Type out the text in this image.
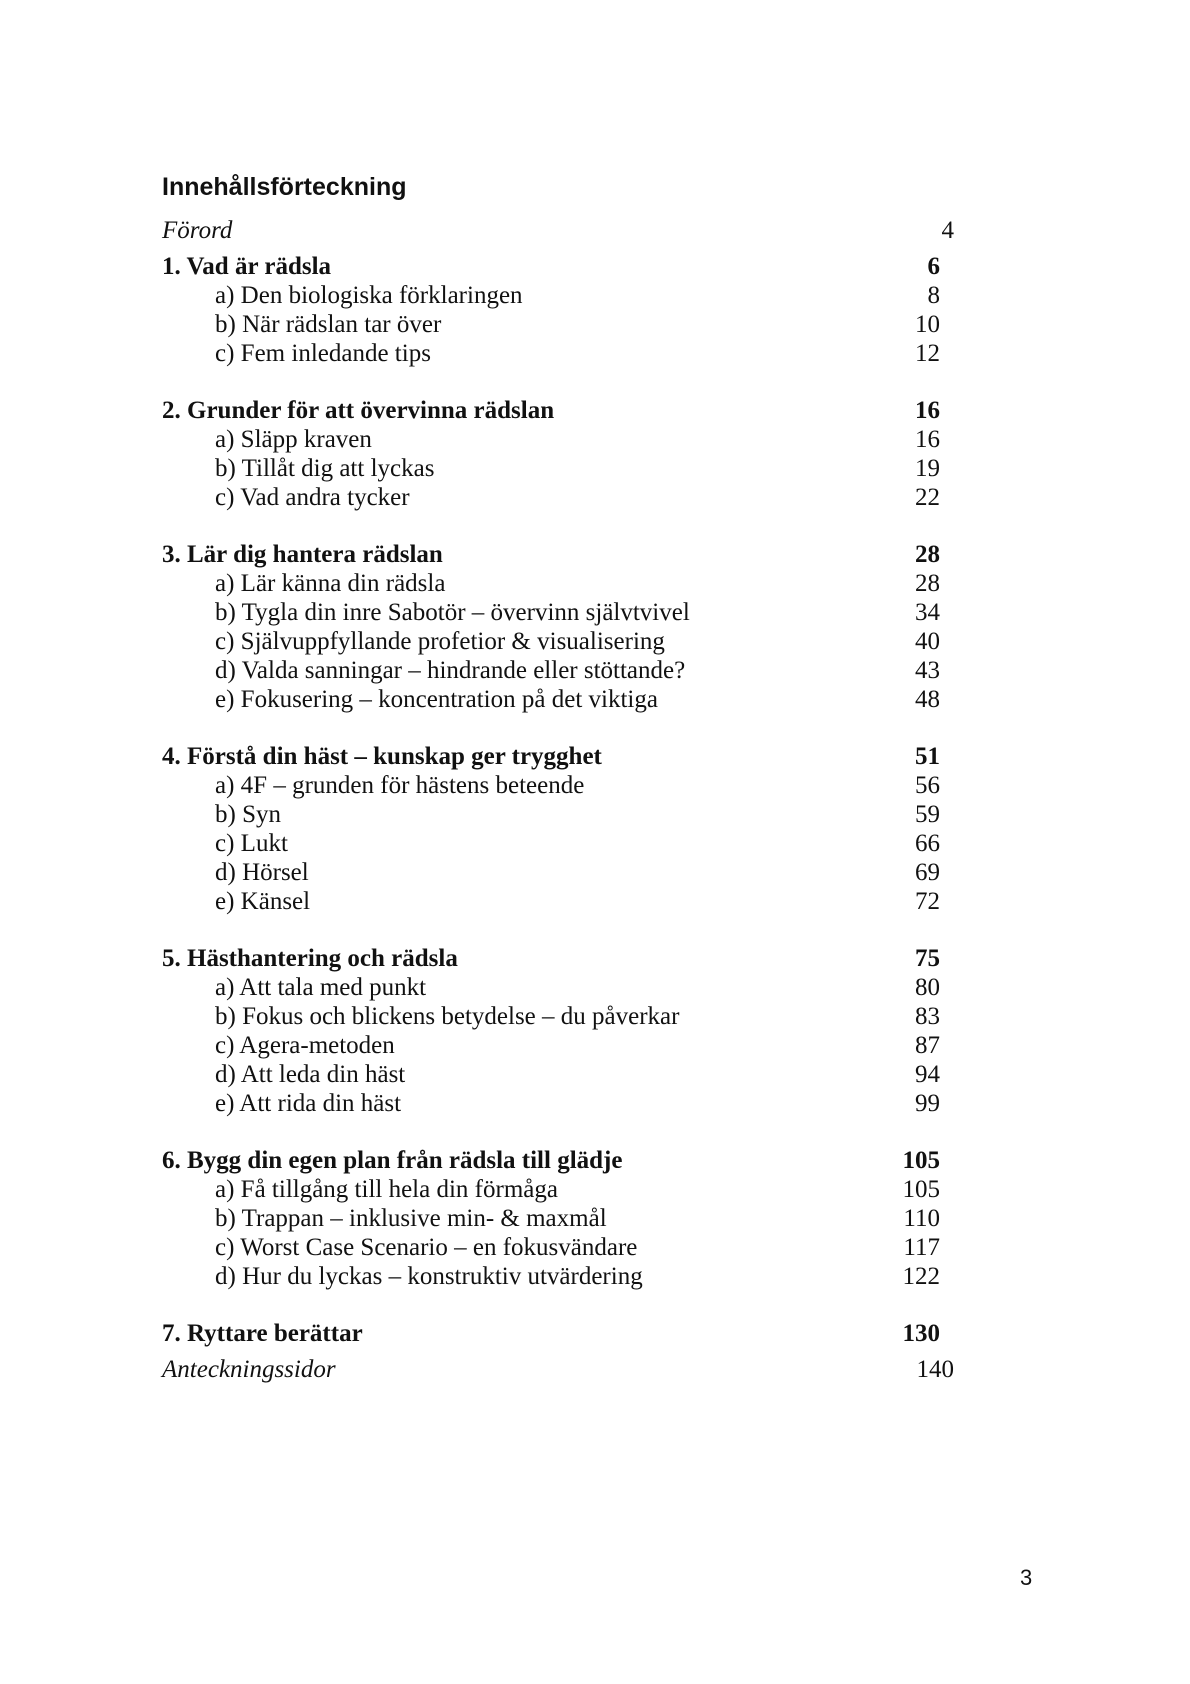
Innehållsförteckning
Förord	4
1. Vad är rädsla	6
a) Den biologiska förklaringen	8
b) När rädslan tar över	10
c) Fem inledande tips	12
2. Grunder för att övervinna rädslan	16
a) Släpp kraven	16
b) Tillåt dig att lyckas	19
c) Vad andra tycker	22
3. Lär dig hantera rädslan	28
a) Lär känna din rädsla	28
b) Tygla din inre Sabotör – övervinn självtvivel	34
c) Självuppfyllande profetior & visualisering	40
d) Valda sanningar – hindrande eller stöttande?	43
e) Fokusering – koncentration på det viktiga	48
4. Förstå din häst – kunskap ger trygghet	51
a) 4F – grunden för hästens beteende	56
b) Syn	59
c) Lukt	66
d) Hörsel	69
e) Känsel	72
5. Hästhantering och rädsla	75
a) Att tala med punkt	80
b) Fokus och blickens betydelse – du påverkar	83
c) Agera-metoden	87
d) Att leda din häst	94
e) Att rida din häst	99
6. Bygg din egen plan från rädsla till glädje	105
a) Få tillgång till hela din förmåga	105
b) Trappan – inklusive min- & maxmål	110
c) Worst Case Scenario – en fokusvändare	117
d) Hur du lyckas – konstruktiv utvärdering	122
7. Ryttare berättar	130
Anteckningssidor	140
3
